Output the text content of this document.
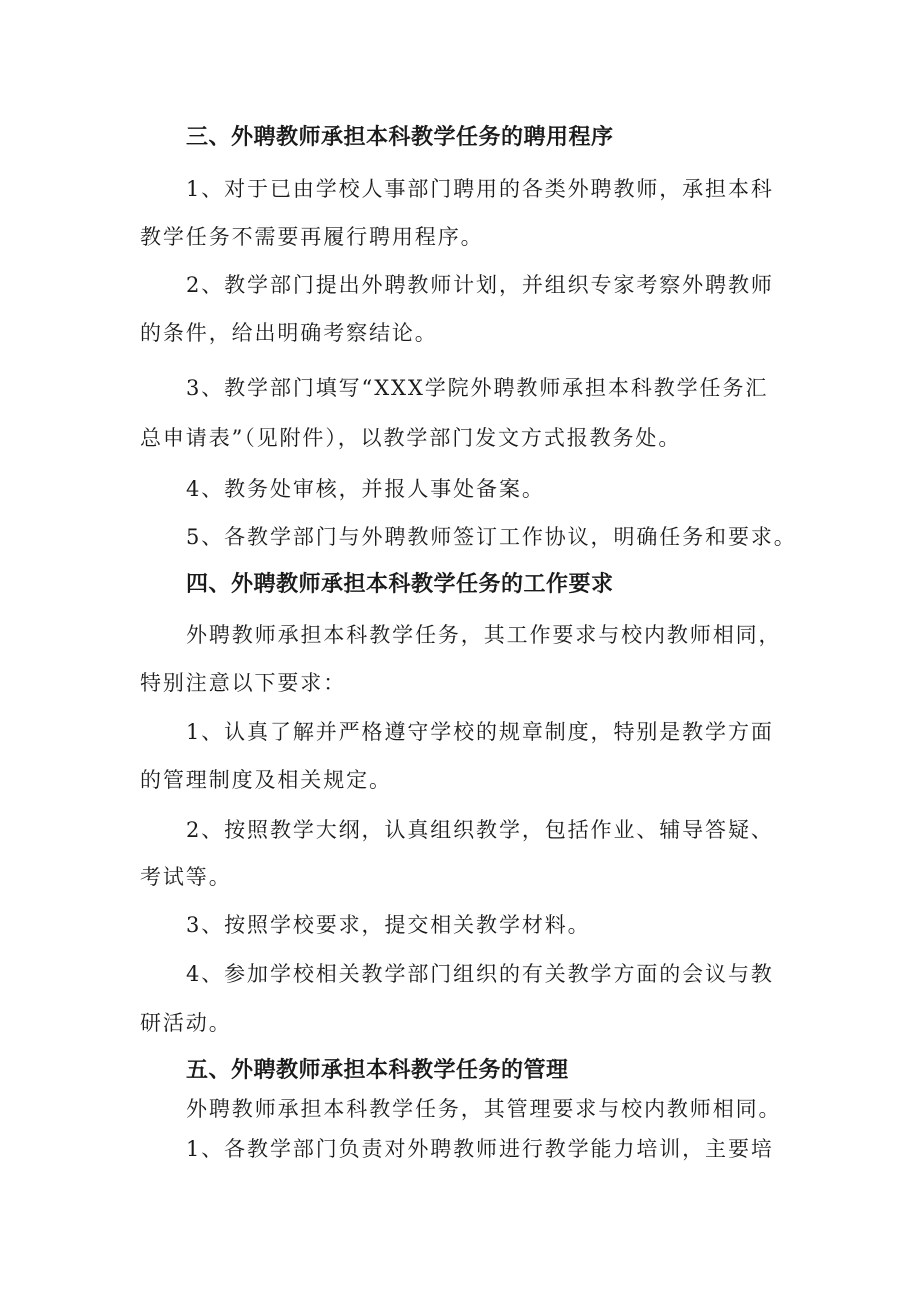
三、外聘教师承担本科教学任务的聘用程序
1、对于已由学校人事部门聘用的各类外聘教师，承担本科
教学任务不需要再履行聘用程序。
2、教学部门提出外聘教师计划，并组织专家考察外聘教师
的条件，给出明确考察结论。
3、教学部门填写“XXX学院外聘教师承担本科教学任务汇
总申请表”（见附件），以教学部门发文方式报教务处。
4、教务处审核，并报人事处备案。
5、各教学部门与外聘教师签订工作协议，明确任务和要求。
四、外聘教师承担本科教学任务的工作要求
外聘教师承担本科教学任务，其工作要求与校内教师相同，
特别注意以下要求：
1、认真了解并严格遵守学校的规章制度，特别是教学方面
的管理制度及相关规定。
2、按照教学大纲，认真组织教学，包括作业、辅导答疑、
考试等。
3、按照学校要求，提交相关教学材料。
4、参加学校相关教学部门组织的有关教学方面的会议与教
研活动。
五、外聘教师承担本科教学任务的管理
外聘教师承担本科教学任务，其管理要求与校内教师相同。
1、各教学部门负责对外聘教师进行教学能力培训，主要培
